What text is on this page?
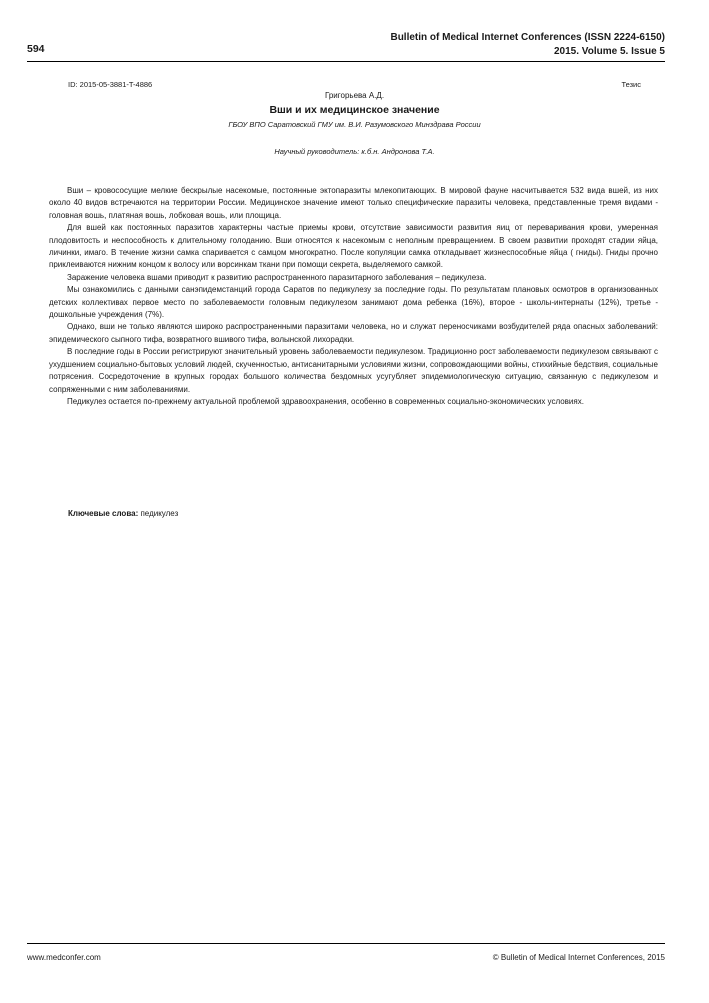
594
Bulletin of Medical Internet Conferences (ISSN 2224-6150)
2015. Volume 5. Issue 5
ID: 2015-05-3881-T-4886	Тезис
Григорьева А.Д.
Вши и их медицинское значение
ГБОУ ВПО Саратовский ГМУ им. В.И. Разумовского Минздрава России
Научный руководитель: к.б.н. Андронова Т.А.

Вши – кровососущие мелкие бескрылые насекомые, постоянные эктопаразиты млекопитающих. В мировой фауне насчитывается 532 вида вшей, из них около 40 видов встречаются на территории России. Медицинское значение имеют только специфические паразиты человека, представленные тремя видами - головная вошь, платяная вошь, лобковая вошь, или площица.

Для вшей как постоянных паразитов характерны частые приемы крови, отсутствие зависимости развития яиц от переваривания крови, умеренная плодовитость и неспособность к длительному голоданию. Вши относятся к насекомым с неполным превращением. В своем развитии проходят стадии яйца, личинки, имаго. В течение жизни самка спаривается с самцом многократно. После копуляции самка откладывает жизнеспособные яйца ( гниды). Гниды прочно приклеиваются нижним концом к волосу или ворсинкам ткани при помощи секрета, выделяемого самкой.

Заражение человека вшами приводит к развитию распространенного паразитарного заболевания – педикулеза.

Мы ознакомились с данными санэпидемстанций города Саратов по педикулезу за последние годы. По результатам плановых осмотров в организованных детских коллективах первое место по заболеваемости головным педикулезом занимают дома ребенка (16%), второе - школы-интернаты (12%), третье - дошкольные учреждения (7%).

Однако, вши не только являются широко распространенными паразитами человека, но и служат переносчиками возбудителей ряда опасных заболеваний: эпидемического сыпного тифа, возвратного вшивого тифа, волынской лихорадки.

В последние годы в России регистрируют значительный уровень заболеваемости педикулезом. Традиционно рост заболеваемости педикулезом связывают с ухудшением социально-бытовых условий людей, скученностью, антисанитарными условиями жизни, сопровождающими войны, стихийные бедствия, социальные потрясения. Сосредоточение в крупных городах большого количества бездомных усугубляет эпидемиологическую ситуацию, связанную с педикулезом и сопряженными с ним заболеваниями.

Педикулез остается по-прежнему актуальной проблемой здравоохранения, особенно в современных социально-экономических условиях.

Ключевые слова: педикулез
www.medconfer.com	© Bulletin of Medical Internet Conferences, 2015
